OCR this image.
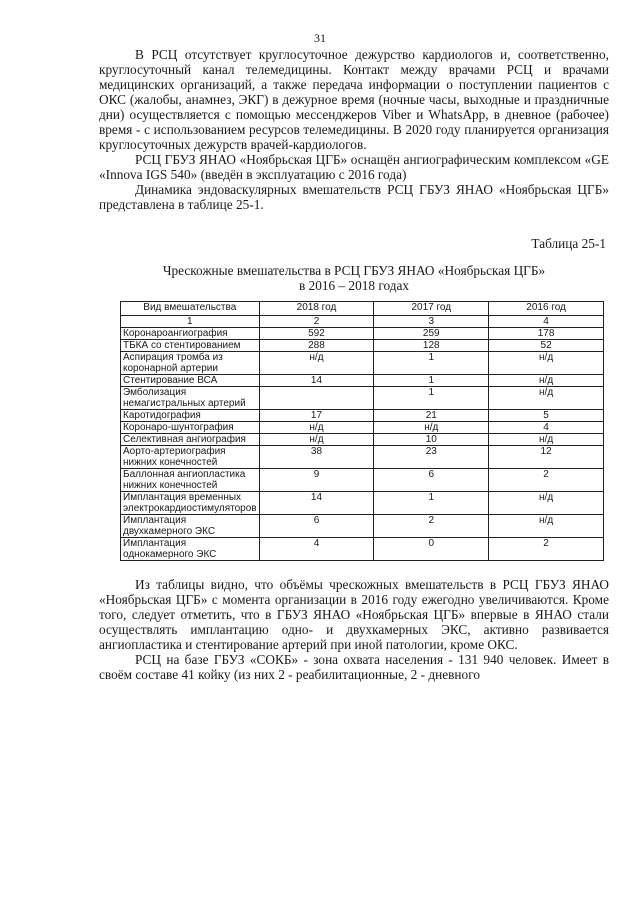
31

В РСЦ отсутствует круглосуточное дежурство кардиологов и, соответственно, круглосуточный канал телемедицины. Контакт между врачами РСЦ и врачами медицинских организаций, а также передача информации о поступлении пациентов с ОКС (жалобы, анамнез, ЭКГ) в дежурное время (ночные часы, выходные и праздничные дни) осуществляется с помощью мессенджеров Viber и WhatsApp, в дневное (рабочее) время - с использованием ресурсов телемедицины. В 2020 году планируется организация круглосуточных дежурств врачей-кардиологов.

РСЦ ГБУЗ ЯНАО «Ноябрьская ЦГБ» оснащён ангиографическим комплексом «GE «Innova IGS 540» (введён в эксплуатацию с 2016 года)

Динамика эндоваскулярных вмешательств РСЦ ГБУЗ ЯНАО «Ноябрьская ЦГБ» представлена в таблице 25-1.

Таблица 25-1
Чрескожные вмешательства в РСЦ ГБУЗ ЯНАО «Ноябрьская ЦГБ»
в 2016 – 2018 годах
Вид вмешательства	2018 год	2017 год	2016 год
1	2	3	4
Коронароангиография	592	259	178
ТБКА со стентированием	288	128	52
Аспирация тромба из коронарной артерии	н/д	1	н/д
Стентирование ВСА	14	1	н/д
Эмболизация немагистральных артерий		1	н/д
Каротидография	17	21	5
Коронаро-шунтография	н/д	н/д	4
Селективная ангиография	н/д	10	н/д
Аорто-артериография нижних конечностей	38	23	12
Баллонная ангиопластика нижних конечностей	9	6	2
Имплантация временных электрокардиостимуляторов	14	1	н/д
Имплантация двухкамерного ЭКС	6	2	н/д
Имплантация однокамерного ЭКС	4	0	2

Из таблицы видно, что объёмы чрескожных вмешательств в РСЦ ГБУЗ ЯНАО «Ноябрьская ЦГБ» с момента организации в 2016 году ежегодно увеличиваются. Кроме того, следует отметить, что в ГБУЗ ЯНАО «Ноябрьская ЦГБ» впервые в ЯНАО стали осуществлять имплантацию одно- и двухкамерных ЭКС, активно развивается ангиопластика и стентирование артерий при иной патологии, кроме ОКС.

РСЦ на базе ГБУЗ «СОКБ» - зона охвата населения - 131 940 человек. Имеет в своём составе 41 койку (из них 2 - реабилитационные, 2 - дневного
